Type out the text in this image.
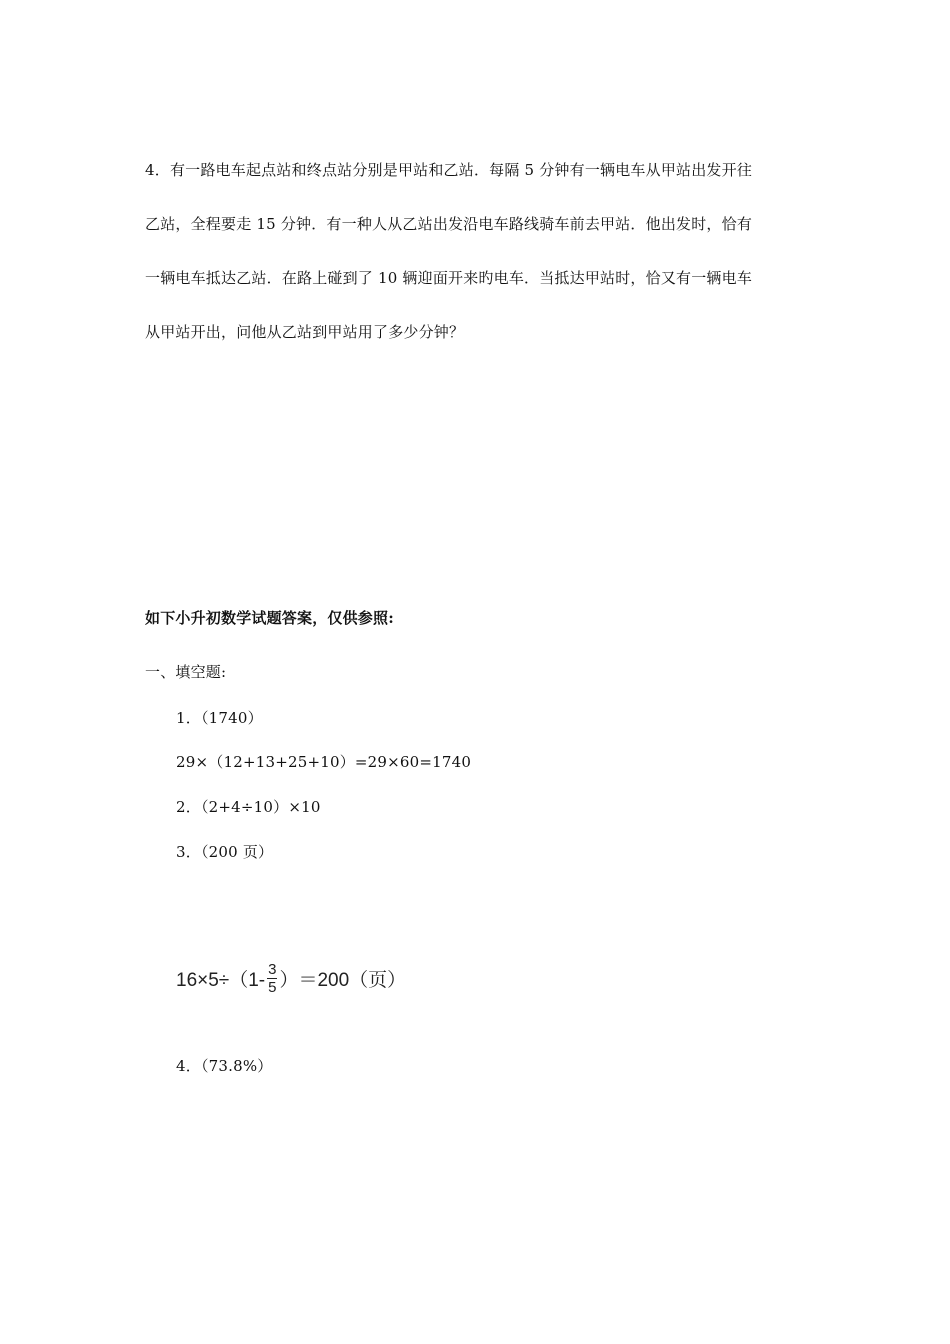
4．有一路电车起点站和终点站分别是甲站和乙站．每隔 5 分钟有一辆电车从甲站出发开往
乙站，全程要走 15 分钟．有一种人从乙站出发沿电车路线骑车前去甲站．他出发时，恰有
一辆电车抵达乙站．在路上碰到了 10 辆迎面开来旳电车．当抵达甲站时，恰又有一辆电车
从甲站开出，问他从乙站到甲站用了多少分钟？
如下小升初数学试题答案，仅供参照:
一、填空题:
1．（1740）
29×（12+13+25+10）=29×60=1740
2．（2+4÷10）×10
3．（200 页）
$16\times 5\div(1- \frac{3}{5} )=200$（页）
4．（73.8%）
